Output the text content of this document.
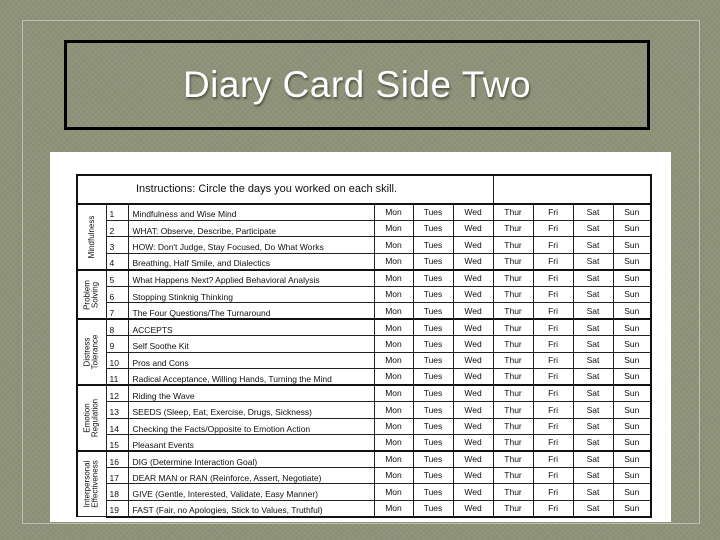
Diary Card Side Two
Instructions: Circle the days you worked on each skill.									

Mindfulness	1	Mindfulness and Wise Mind	Mon	Tues	Wed	Thur	Fri	Sat	Sun
	2	WHAT: Observe, Describe, Participate	Mon	Tues	Wed	Thur	Fri	Sat	Sun
	3	HOW: Don't Judge, Stay Focused, Do What Works	Mon	Tues	Wed	Thur	Fri	Sat	Sun
	4	Breathing, Half Smile, and Dialectics	Mon	Tues	Wed	Thur	Fri	Sat	Sun

Problem Solving	5	What Happens Next? Applied Behavioral Analysis	Mon	Tues	Wed	Thur	Fri	Sat	Sun
	6	Stopping Stinknig Thinking	Mon	Tues	Wed	Thur	Fri	Sat	Sun
	7	The Four Questions/The Turnaround	Mon	Tues	Wed	Thur	Fri	Sat	Sun

Distress Tolerance	8	ACCEPTS	Mon	Tues	Wed	Thur	Fri	Sat	Sun
	9	Self Soothe Kit	Mon	Tues	Wed	Thur	Fri	Sat	Sun
	10	Pros and Cons	Mon	Tues	Wed	Thur	Fri	Sat	Sun
	11	Radical Acceptance, Willing Hands, Turning the Mind	Mon	Tues	Wed	Thur	Fri	Sat	Sun

Emotion Regulation	12	Riding the Wave	Mon	Tues	Wed	Thur	Fri	Sat	Sun
	13	SEEDS (Sleep, Eat, Exercise, Drugs, Sickness)	Mon	Tues	Wed	Thur	Fri	Sat	Sun
	14	Checking the Facts/Opposite to Emotion Action	Mon	Tues	Wed	Thur	Fri	Sat	Sun
	15	Pleasant Events	Mon	Tues	Wed	Thur	Fri	Sat	Sun

Interpersonal Effectiveness	16	DIG (Determine Interaction Goal)	Mon	Tues	Wed	Thur	Fri	Sat	Sun
	17	DEAR MAN or RAN (Reinforce, Assert, Negotiate)	Mon	Tues	Wed	Thur	Fri	Sat	Sun
	18	GIVE (Gentle, Interested, Validate, Easy Manner)	Mon	Tues	Wed	Thur	Fri	Sat	Sun
	19	FAST (Fair, no Apologies, Stick to Values, Truthful)	Mon	Tues	Wed	Thur	Fri	Sat	Sun
